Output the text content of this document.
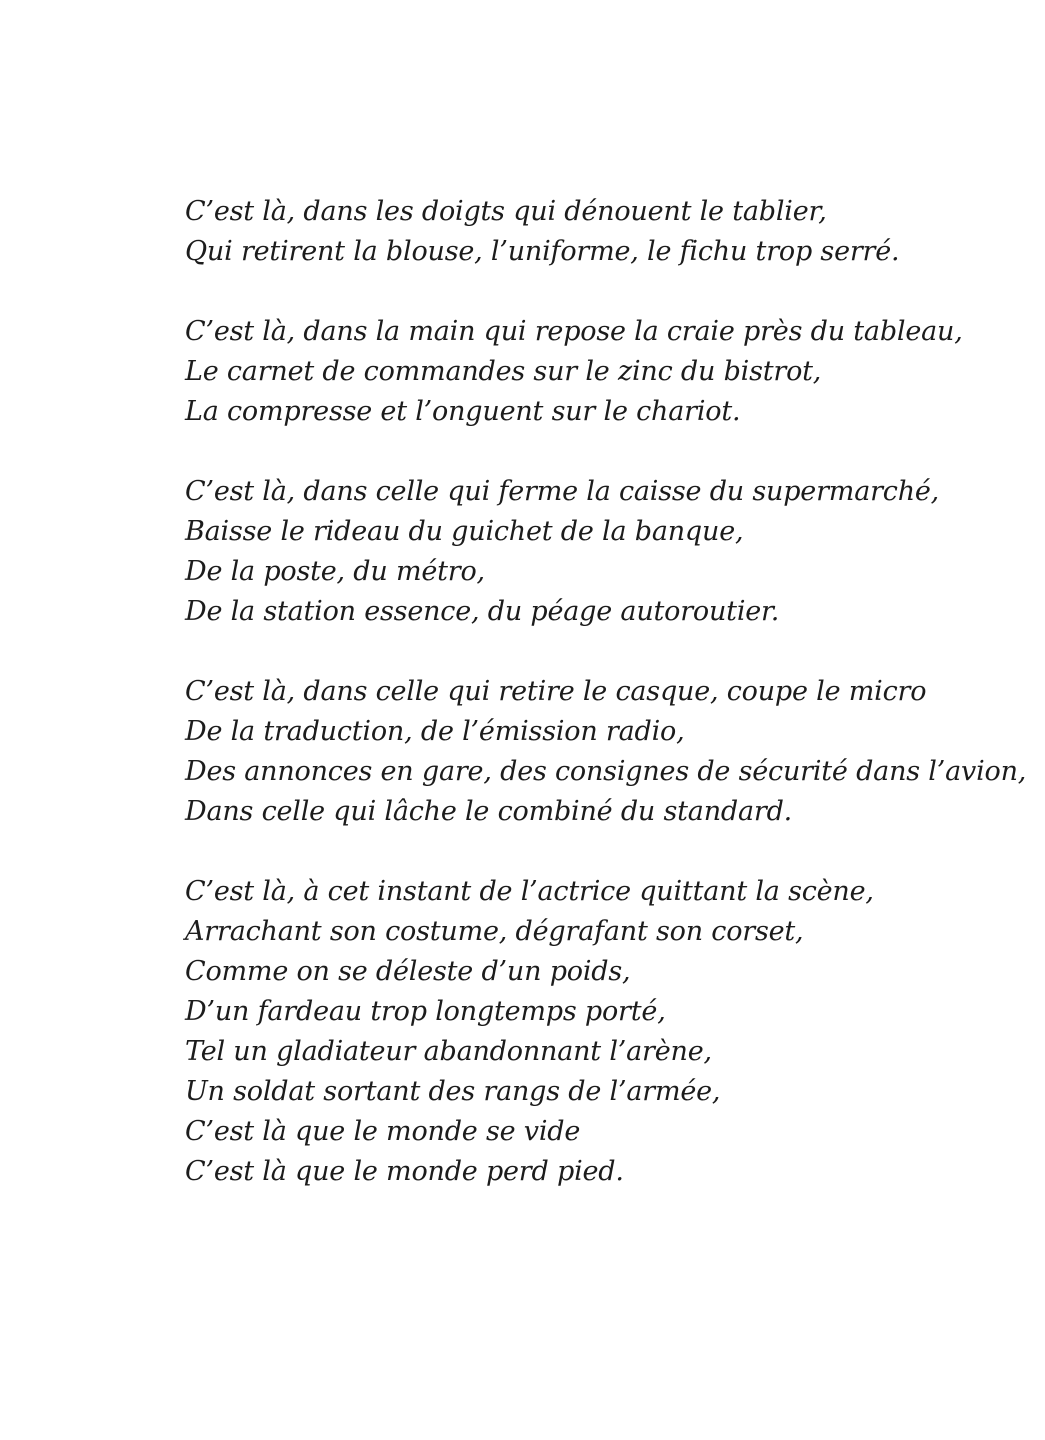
C’est là, dans les doigts qui dénouent le tablier,
Qui retirent la blouse, l’uniforme, le fichu trop serré.
C’est là, dans la main qui repose la craie près du tableau,
Le carnet de commandes sur le zinc du bistrot,
La compresse et l’onguent sur le chariot.
C’est là, dans celle qui ferme la caisse du supermarché,
Baisse le rideau du guichet de la banque,
De la poste, du métro,
De la station essence, du péage autoroutier.
C’est là, dans celle qui retire le casque, coupe le micro
De la traduction, de l’émission radio,
Des annonces en gare, des consignes de sécurité dans l’avion,
Dans celle qui lâche le combiné du standard.
C’est là, à cet instant de l’actrice quittant la scène,
Arrachant son costume, dégrafant son corset,
Comme on se déleste d’un poids,
D’un fardeau trop longtemps porté,
Tel un gladiateur abandonnant l’arène,
Un soldat sortant des rangs de l’armée,
C’est là que le monde se vide
C’est là que le monde perd pied.
